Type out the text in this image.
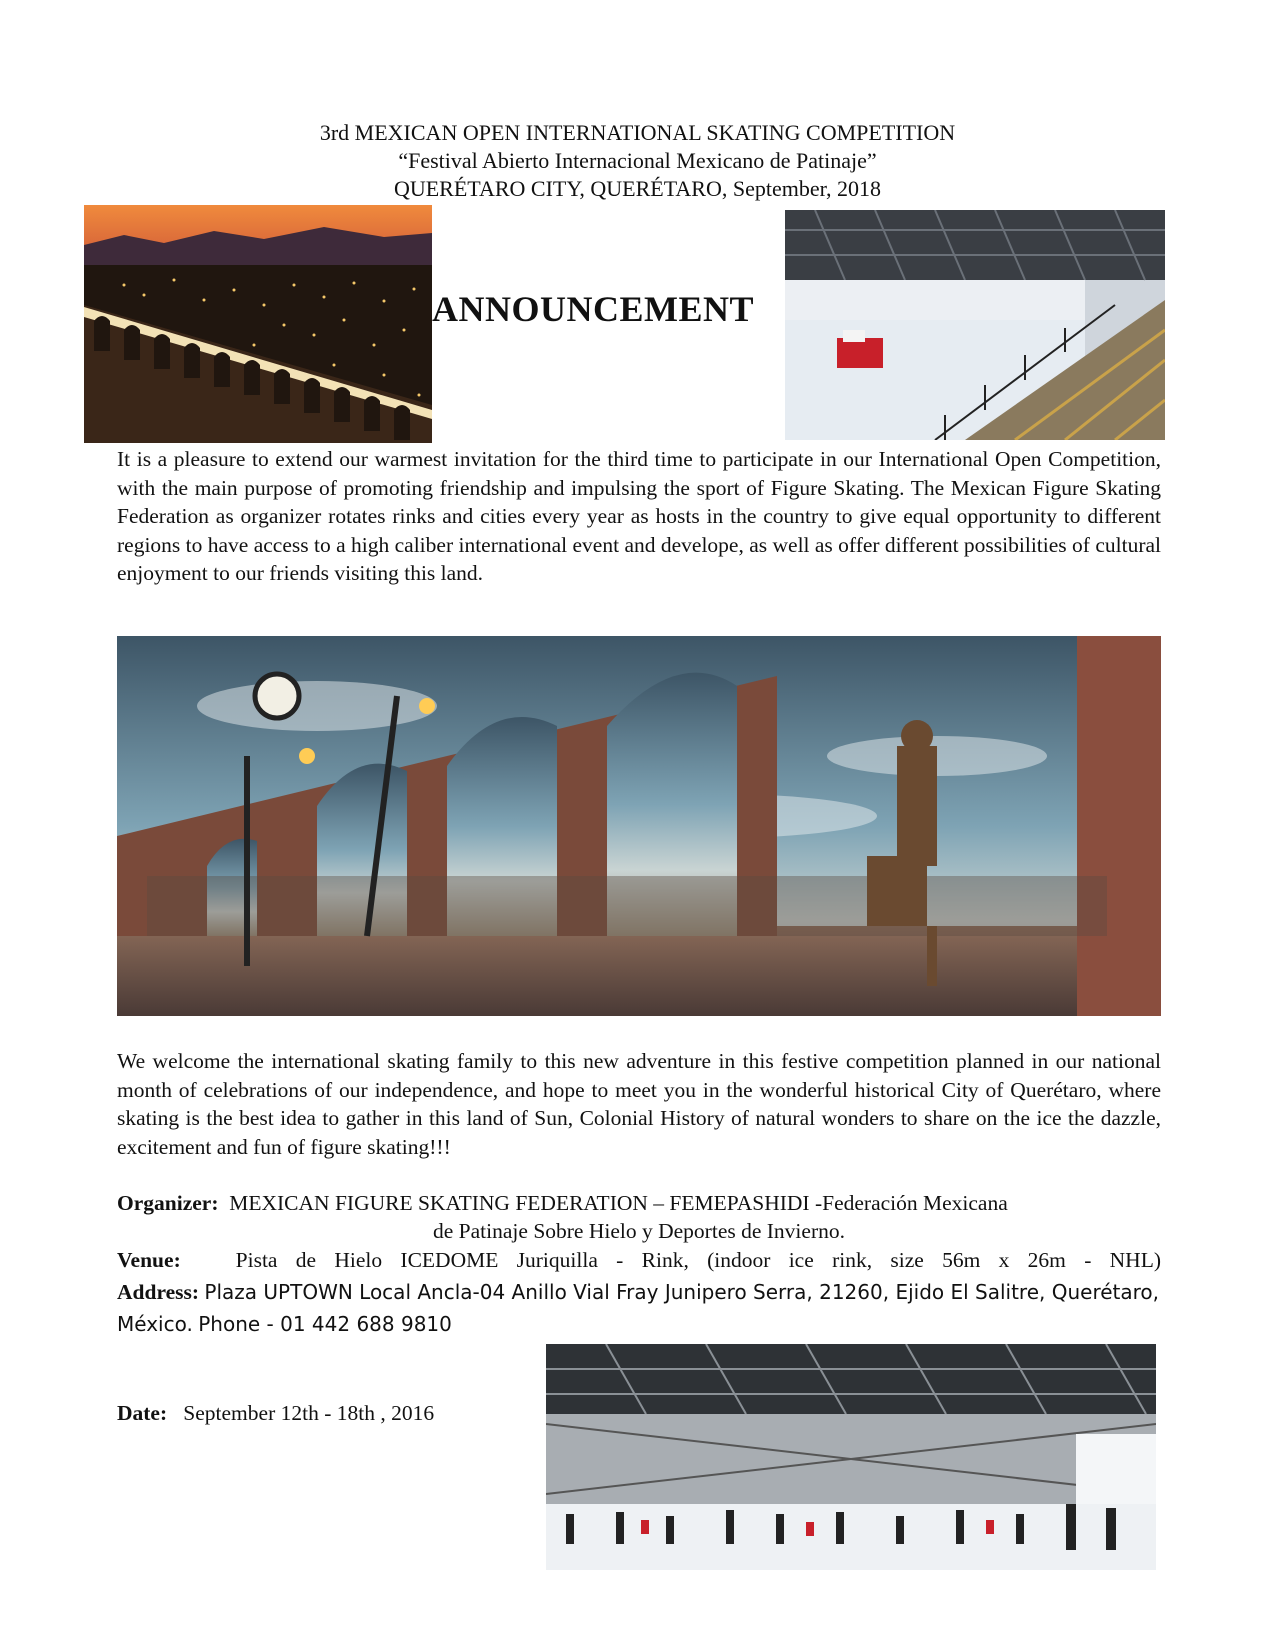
3rd MEXICAN OPEN INTERNATIONAL SKATING COMPETITION
“Festival Abierto Internacional Mexicano de Patinaje”
QUERÉTARO CITY, QUERÉTARO, September, 2018
ANNOUNCEMENT
It is a pleasure to extend our warmest invitation for the third time to participate in our International Open Competition, with the main purpose of promoting friendship and impulsing the sport of Figure Skating. The Mexican Figure Skating Federation as organizer rotates rinks and cities every year as hosts in the country to give equal opportunity to different regions to have access to a high caliber international event and develope, as well as offer different possibilities of cultural enjoyment to our friends visiting this land.
We welcome the international skating family to this new adventure in this festive competition planned in our national month of celebrations of our independence, and hope to meet you in the wonderful historical City of Querétaro, where skating is the best idea to gather in this land of Sun, Colonial History of natural wonders to share on the ice the dazzle, excitement and fun of figure skating!!!
Organizer: MEXICAN FIGURE SKATING FEDERATION – FEMEPASHIDI -Federación Mexicana
de Patinaje Sobre Hielo y Deportes de Invierno.
Venue:	Pista de Hielo ICEDOME Juriquilla - Rink, (indoor ice rink, size 56m x 26m - NHL)
Address: Plaza UPTOWN Local Ancla-04 Anillo Vial Fray Junipero Serra, 21260, Ejido El Salitre, Querétaro, México. Phone - 01 442 688 9810
Date: September 12th - 18th , 2016
